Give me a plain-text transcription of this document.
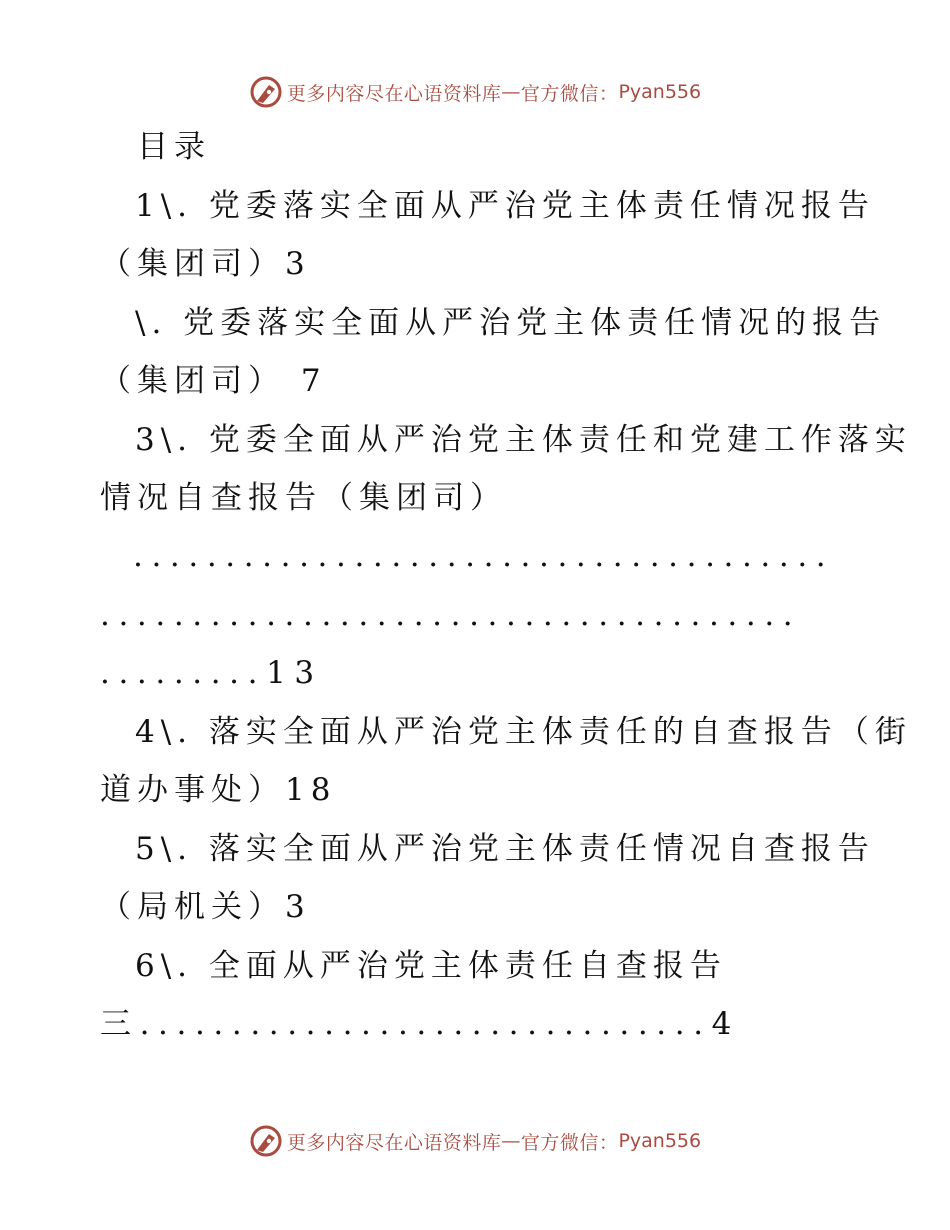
更多内容尽在心语资料库 — 官方微信： Pyan556
目录
1\. 党委落实全面从严治党主体责任情况报告
（集团司）3
\. 党委落实全面从严治党主体责任情况的报告
（集团司） 7
3\. 党委全面从严治党主体责任和党建工作落实
情况自查报告（集团司）
......................................
......................................
.........13
4\. 落实全面从严治党主体责任的自查报告（街
道办事处）18
5\. 落实全面从严治党主体责任情况自查报告
（局机关）3
6\. 全面从严治党主体责任自查报告
三...............................4
更多内容尽在心语资料库 — 官方微信： Pyan556
